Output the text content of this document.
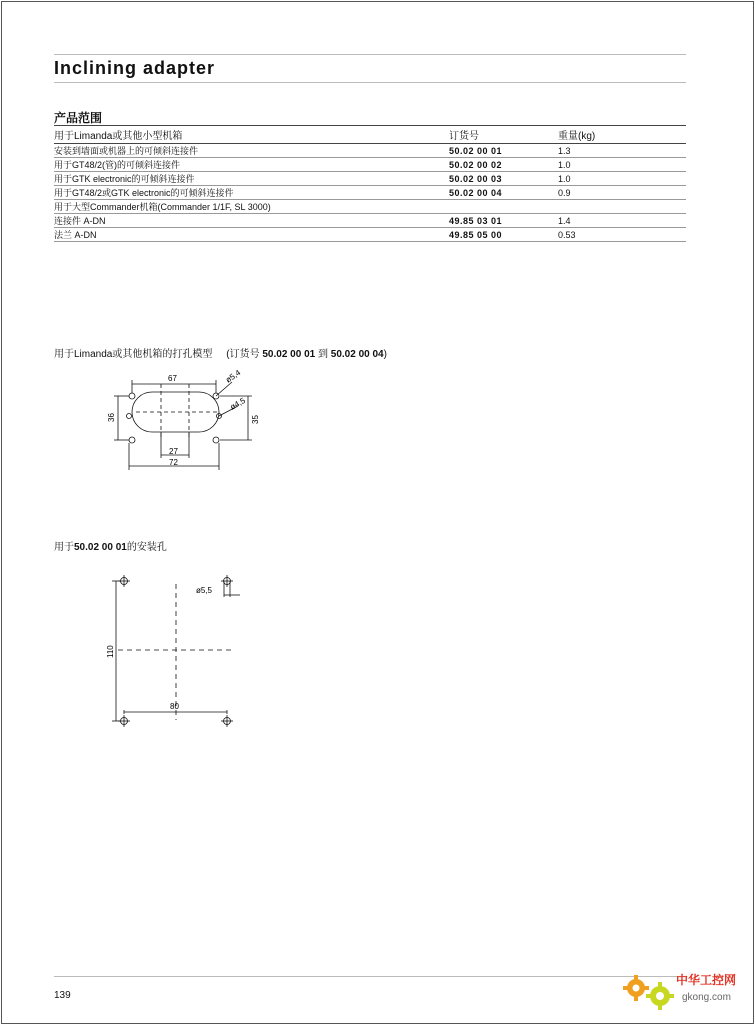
Inclining adapter
产品范围
用于Limanda或其他小型机箱	订货号	重量(kg)
安装到墙面或机器上的可倾斜连接件	50.02 00 01	1.3
用于GT48/2(管)的可倾斜连接件	50.02 00 02	1.0
用于GTK electronic的可倾斜连接件	50.02 00 03	1.0
用于GT48/2或GTK electronic的可倾斜连接件	50.02 00 04	0.9
用于大型Commander机箱(Commander 1/1F, SL 3000)		
连接件 A-DN	49.85 03 01	1.4
法兰 A-DN	49.85 05 00	0.53
用于Limanda或其他机箱的打孔模型 (订货号 50.02 00 01 到 50.02 00 04)
67	ø5,4
36
ø4,5
35
27
72
用于50.02 00 01的安装孔
ø5,5
110
80
139
中华工控网
gkong.com
